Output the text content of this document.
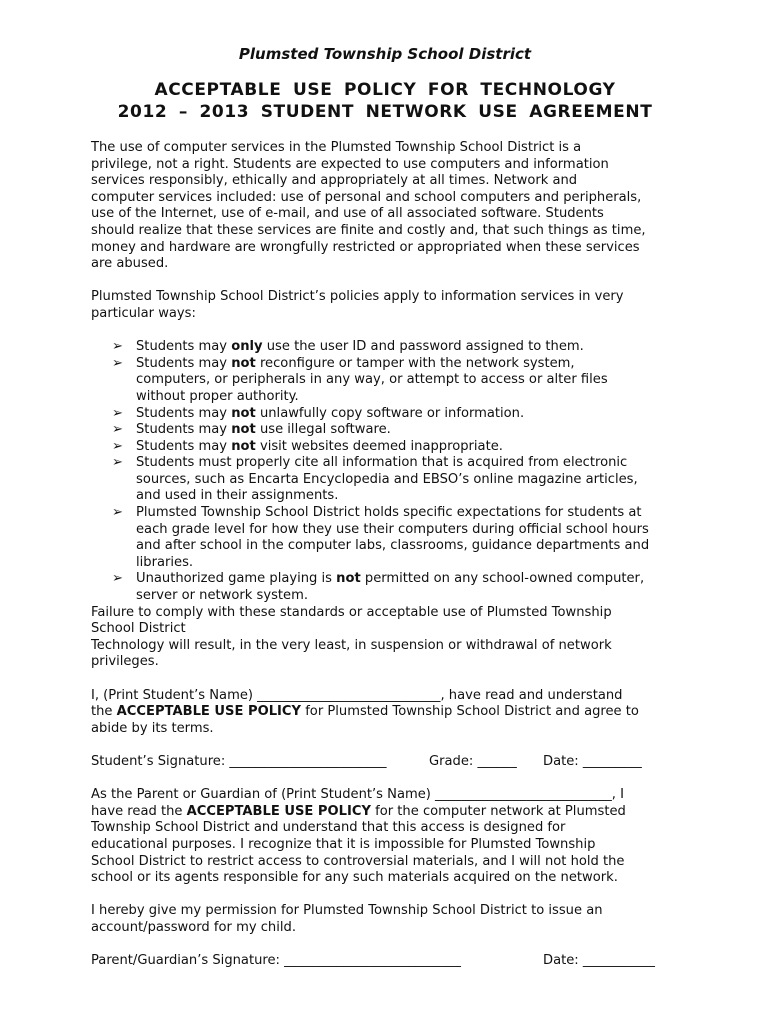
Plumsted Township School District
ACCEPTABLE USE POLICY FOR TECHNOLOGY
2012 – 2013 STUDENT NETWORK USE AGREEMENT
The use of computer services in the Plumsted Township School District is a
privilege, not a right. Students are expected to use computers and information
services responsibly, ethically and appropriately at all times. Network and
computer services included: use of personal and school computers and peripherals,
use of the Internet, use of e-mail, and use of all associated software. Students
should realize that these services are finite and costly and, that such things as time,
money and hardware are wrongfully restricted or appropriated when these services
are abused.
Plumsted Township School District’s policies apply to information services in very
particular ways:
➢ Students may only use the user ID and password assigned to them.
➢ Students may not reconfigure or tamper with the network system,
computers, or peripherals in any way, or attempt to access or alter files
without proper authority.
➢ Students may not unlawfully copy software or information.
➢ Students may not use illegal software.
➢ Students may not visit websites deemed inappropriate.
➢ Students must properly cite all information that is acquired from electronic
sources, such as Encarta Encyclopedia and EBSO’s online magazine articles,
and used in their assignments.
➢ Plumsted Township School District holds specific expectations for students at
each grade level for how they use their computers during official school hours
and after school in the computer labs, classrooms, guidance departments and
libraries.
➢ Unauthorized game playing is not permitted on any school-owned computer,
server or network system.
Failure to comply with these standards or acceptable use of Plumsted Township
School District
Technology will result, in the very least, in suspension or withdrawal of network
privileges.
I, (Print Student’s Name) ____________________________, have read and understand
the ACCEPTABLE USE POLICY for Plumsted Township School District and agree to
abide by its terms.
Student’s Signature: ________________________	Grade: ______	Date: _________
As the Parent or Guardian of (Print Student’s Name) ___________________________, I
have read the ACCEPTABLE USE POLICY for the computer network at Plumsted
Township School District and understand that this access is designed for
educational purposes. I recognize that it is impossible for Plumsted Township
School District to restrict access to controversial materials, and I will not hold the
school or its agents responsible for any such materials acquired on the network.
I hereby give my permission for Plumsted Township School District to issue an
account/password for my child.
Parent/Guardian’s Signature: ___________________________	Date: ___________
